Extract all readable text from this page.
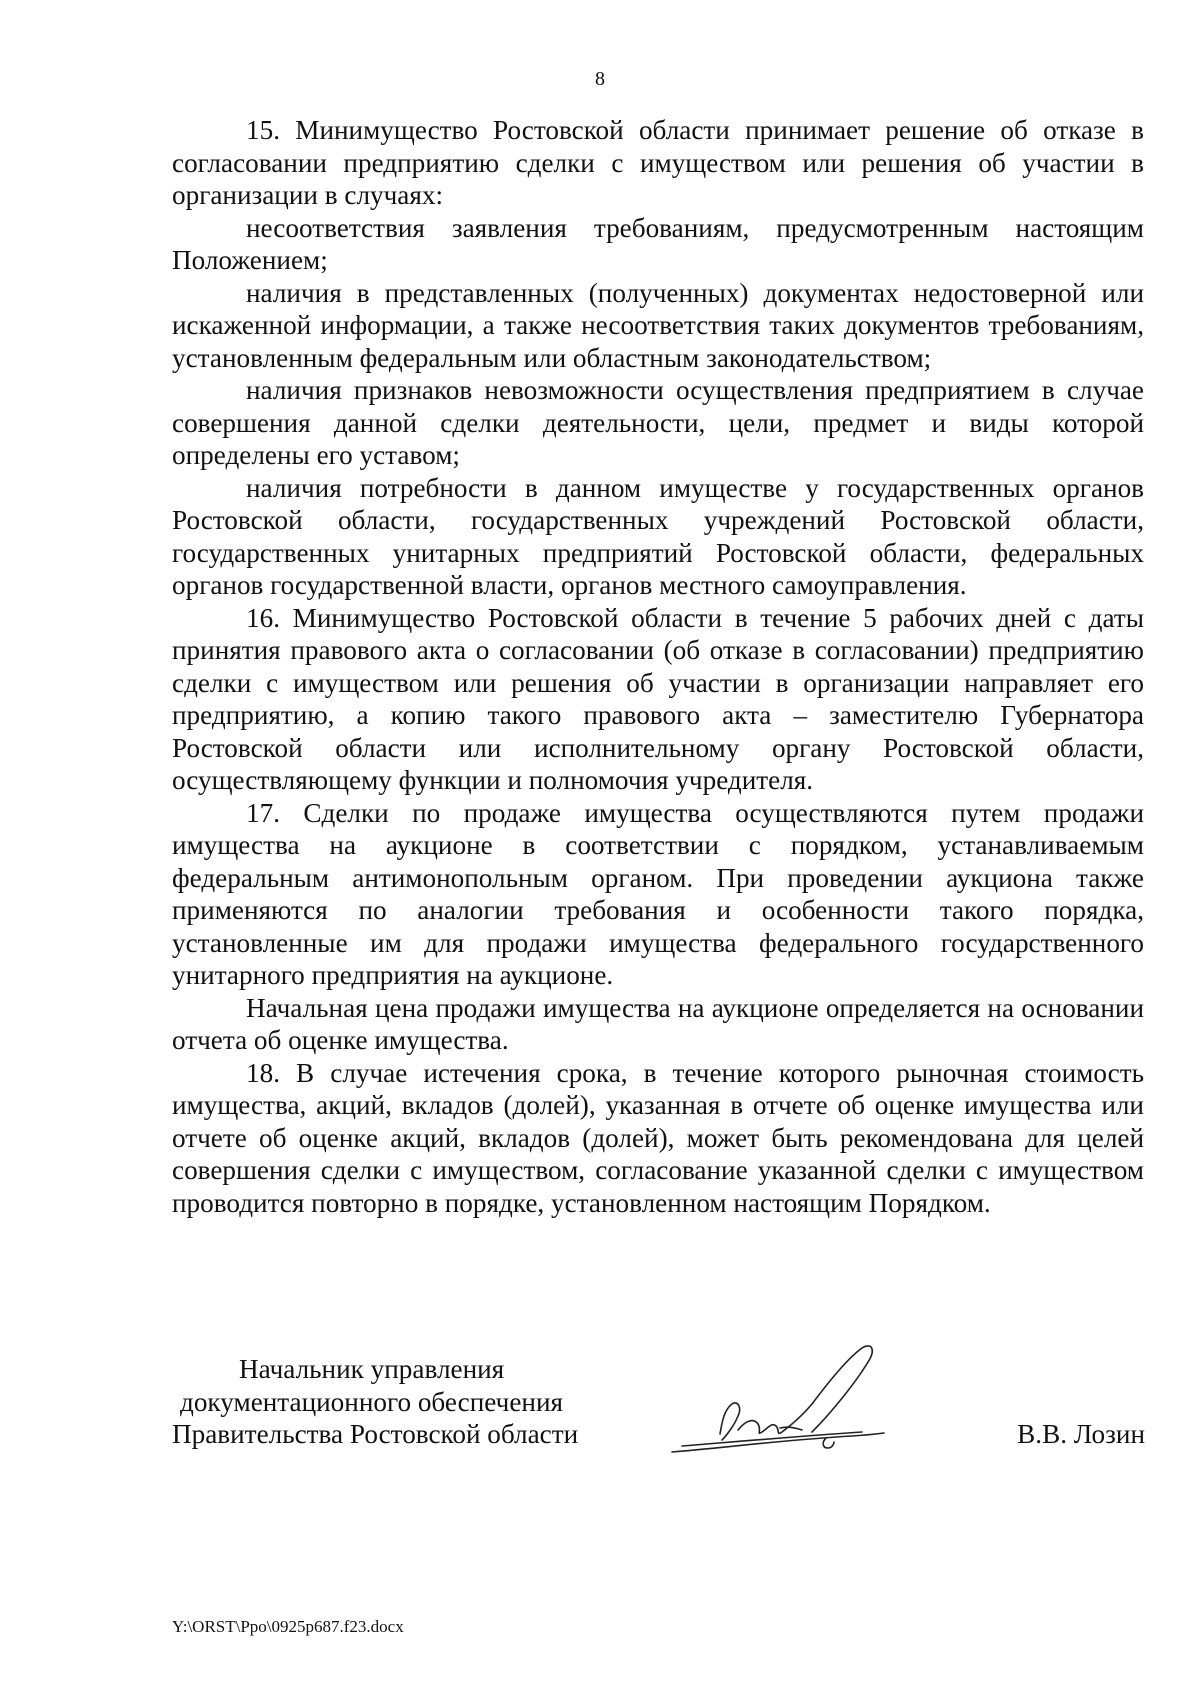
8

15. Минимущество Ростовской области принимает решение об отказе в согласовании предприятию сделки с имуществом или решения об участии в организации в случаях:

несоответствия заявления требованиям, предусмотренным настоящим Положением;

наличия в представленных (полученных) документах недостоверной или искаженной информации, а также несоответствия таких документов требованиям, установленным федеральным или областным законодательством;

наличия признаков невозможности осуществления предприятием в случае совершения данной сделки деятельности, цели, предмет и виды которой определены его уставом;

наличия потребности в данном имуществе у государственных органов Ростовской области, государственных учреждений Ростовской области, государственных унитарных предприятий Ростовской области, федеральных органов государственной власти, органов местного самоуправления.

16. Минимущество Ростовской области в течение 5 рабочих дней с даты принятия правового акта о согласовании (об отказе в согласовании) предприятию сделки с имуществом или решения об участии в организации направляет его предприятию, а копию такого правового акта – заместителю Губернатора Ростовской области или исполнительному органу Ростовской области, осуществляющему функции и полномочия учредителя.

17. Сделки по продаже имущества осуществляются путем продажи имущества на аукционе в соответствии с порядком, устанавливаемым федеральным антимонопольным органом. При проведении аукциона также применяются по аналогии требования и особенности такого порядка, установленные им для продажи имущества федерального государственного унитарного предприятия на аукционе.

Начальная цена продажи имущества на аукционе определяется на основании отчета об оценке имущества.

18. В случае истечения срока, в течение которого рыночная стоимость имущества, акций, вкладов (долей), указанная в отчете об оценке имущества или отчете об оценке акций, вкладов (долей), может быть рекомендована для целей совершения сделки с имуществом, согласование указанной сделки с имуществом проводится повторно в порядке, установленном настоящим Порядком.

Начальник управления
документационного обеспечения
Правительства Ростовской области	В.В. Лозин
Y:\ORST\Ppo\0925p687.f23.docx
